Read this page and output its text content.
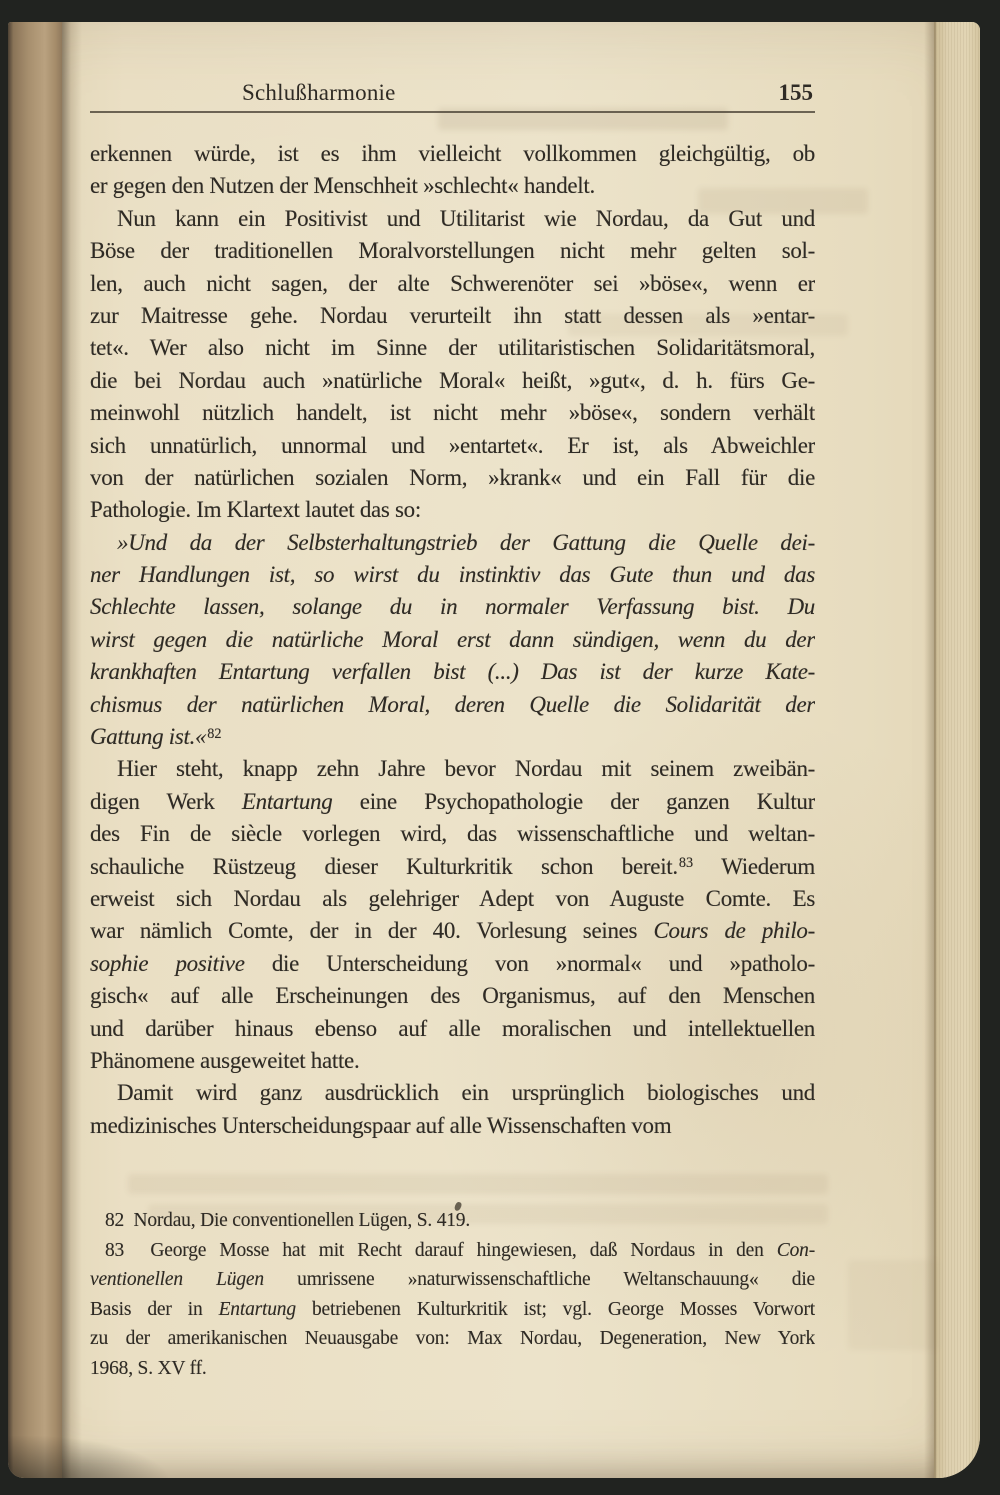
Schlußharmonie	155
erkennen würde, ist es ihm vielleicht vollkommen gleichgültig, ob
er gegen den Nutzen der Menschheit »schlecht« handelt.
Nun kann ein Positivist und Utilitarist wie Nordau, da Gut und
Böse der traditionellen Moralvorstellungen nicht mehr gelten sol-
len, auch nicht sagen, der alte Schwerenöter sei »böse«, wenn er
zur Maitresse gehe. Nordau verurteilt ihn statt dessen als »entar-
tet«. Wer also nicht im Sinne der utilitaristischen Solidaritätsmoral,
die bei Nordau auch »natürliche Moral« heißt, »gut«, d. h. fürs Ge-
meinwohl nützlich handelt, ist nicht mehr »böse«, sondern verhält
sich unnatürlich, unnormal und »entartet«. Er ist, als Abweichler
von der natürlichen sozialen Norm, »krank« und ein Fall für die
Pathologie. Im Klartext lautet das so:
»Und da der Selbsterhaltungstrieb der Gattung die Quelle dei-
ner Handlungen ist, so wirst du instinktiv das Gute thun und das
Schlechte lassen, solange du in normaler Verfassung bist. Du
wirst gegen die natürliche Moral erst dann sündigen, wenn du der
krankhaften Entartung verfallen bist (...) Das ist der kurze Kate-
chismus der natürlichen Moral, deren Quelle die Solidarität der
Gattung ist.«$^{82}$
Hier steht, knapp zehn Jahre bevor Nordau mit seinem zweibän-
digen Werk Entartung eine Psychopathologie der ganzen Kultur
des Fin de siècle vorlegen wird, das wissenschaftliche und weltan-
schauliche Rüstzeug dieser Kulturkritik schon bereit.$^{83}$ Wiederum
erweist sich Nordau als gelehriger Adept von Auguste Comte. Es
war nämlich Comte, der in der 40. Vorlesung seines Cours de philo-
sophie positive die Unterscheidung von »normal« und »patholo-
gisch« auf alle Erscheinungen des Organismus, auf den Menschen
und darüber hinaus ebenso auf alle moralischen und intellektuellen
Phänomene ausgeweitet hatte.
Damit wird ganz ausdrücklich ein ursprünglich biologisches und
medizinisches Unterscheidungspaar auf alle Wissenschaften vom
82  Nordau, Die conventionellen Lügen, S. 419.
83  George Mosse hat mit Recht darauf hingewiesen, daß Nordaus in den Con-
ventionellen Lügen umrissene »naturwissenschaftliche Weltanschauung« die
Basis der in Entartung betriebenen Kulturkritik ist; vgl. George Mosses Vorwort
zu der amerikanischen Neuausgabe von: Max Nordau, Degeneration, New York
1968, S. XV ff.
